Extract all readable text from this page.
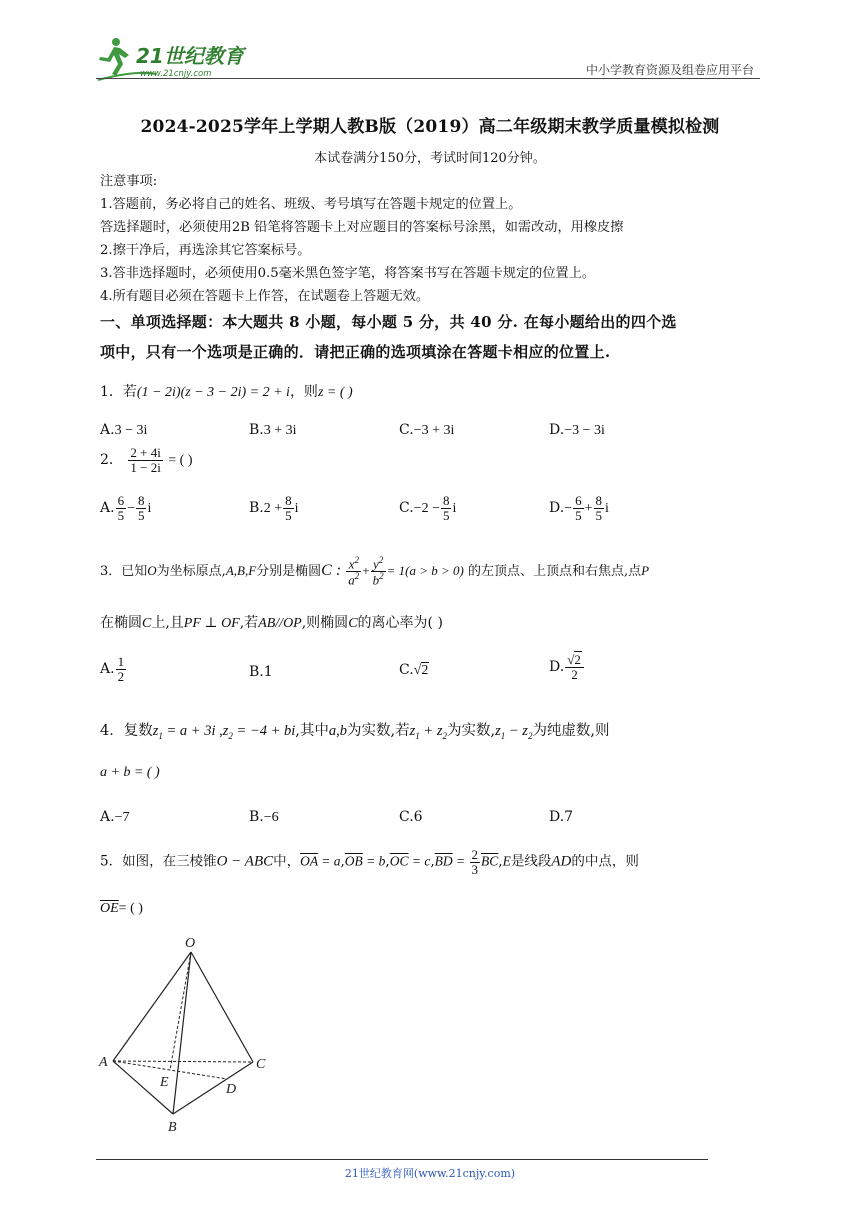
21世纪教育
www.21cnjy.com	中小学教育资源及组卷应用平台
2024-2025学年上学期人教B版（2019）高二年级期末教学质量模拟检测
本试卷满分150分，考试时间120分钟。
注意事项:
1.答题前，务必将自己的姓名、班级、考号填写在答题卡规定的位置上。
答选择题时，必须使用2B 铅笔将答题卡上对应题目的答案标号涂黑，如需改动，用橡皮擦
2.擦干净后，再选涂其它答案标号。
3.答非选择题时，必须使用0.5毫米黑色签字笔，将答案书写在答题卡规定的位置上。
4.所有题目必须在答题卡上作答，在试题卷上答题无效。
一、单项选择题：本大题共 8 小题，每小题 5 分，共 40 分. 在每小题给出的四个选
项中，只有一个选项是正确的．请把正确的选项填涂在答题卡相应的位置上.
1．若(1 − 2i)(z − 3 − 2i) = 2 + i，则z = ( )
A.3 − 3i	B.3 + 3i	C.−3 + 3i	D.−3 − 3i
2． $\frac{2 + 4i}{1 - 2i}$ = ( )
A. $\frac{6}{5} - \frac{8}{5}$ i	$B.2 + \frac{8}{5}$ i	$C.-2 - \frac{8}{5}$ i	$D.- \frac{6}{5} + \frac{8}{5}$ i
3．已知O为坐标原点,A,B,F分别是椭圆C : $\frac{x^2}{a^2} + \frac{y^2}{b^2} = 1(a > b > 0)$ 的左顶点、上顶点和右焦点,点P
在椭圆C上,且PF ⊥ OF,若AB//OP,则椭圆C的离心率为( )
A. $\frac{1}{2}$	B.1	C.√2	D. $\frac{√2}{2}$
4．复数$z_1 = a + 3i$ $,z_2 = -4$ + bi,其中a,b为实数,若$z_1 + z_2$为实数$,z_1 - z_2$为纯虚数,则
a + b = ( )
A.−7	B.−6	C.6	D.7
5．如图，在三棱锥O − ABC中，$\overline{OA} = a,\overline{OB} = b,\overline{OC} = c,\overline{BD} = \frac{2}{3} \overline{BC},E$是线段AD的中点，则
$\overline{OE}=$ ( )
O
A	C
B
D
E
21世纪教育网(www.21cnjy.com)
